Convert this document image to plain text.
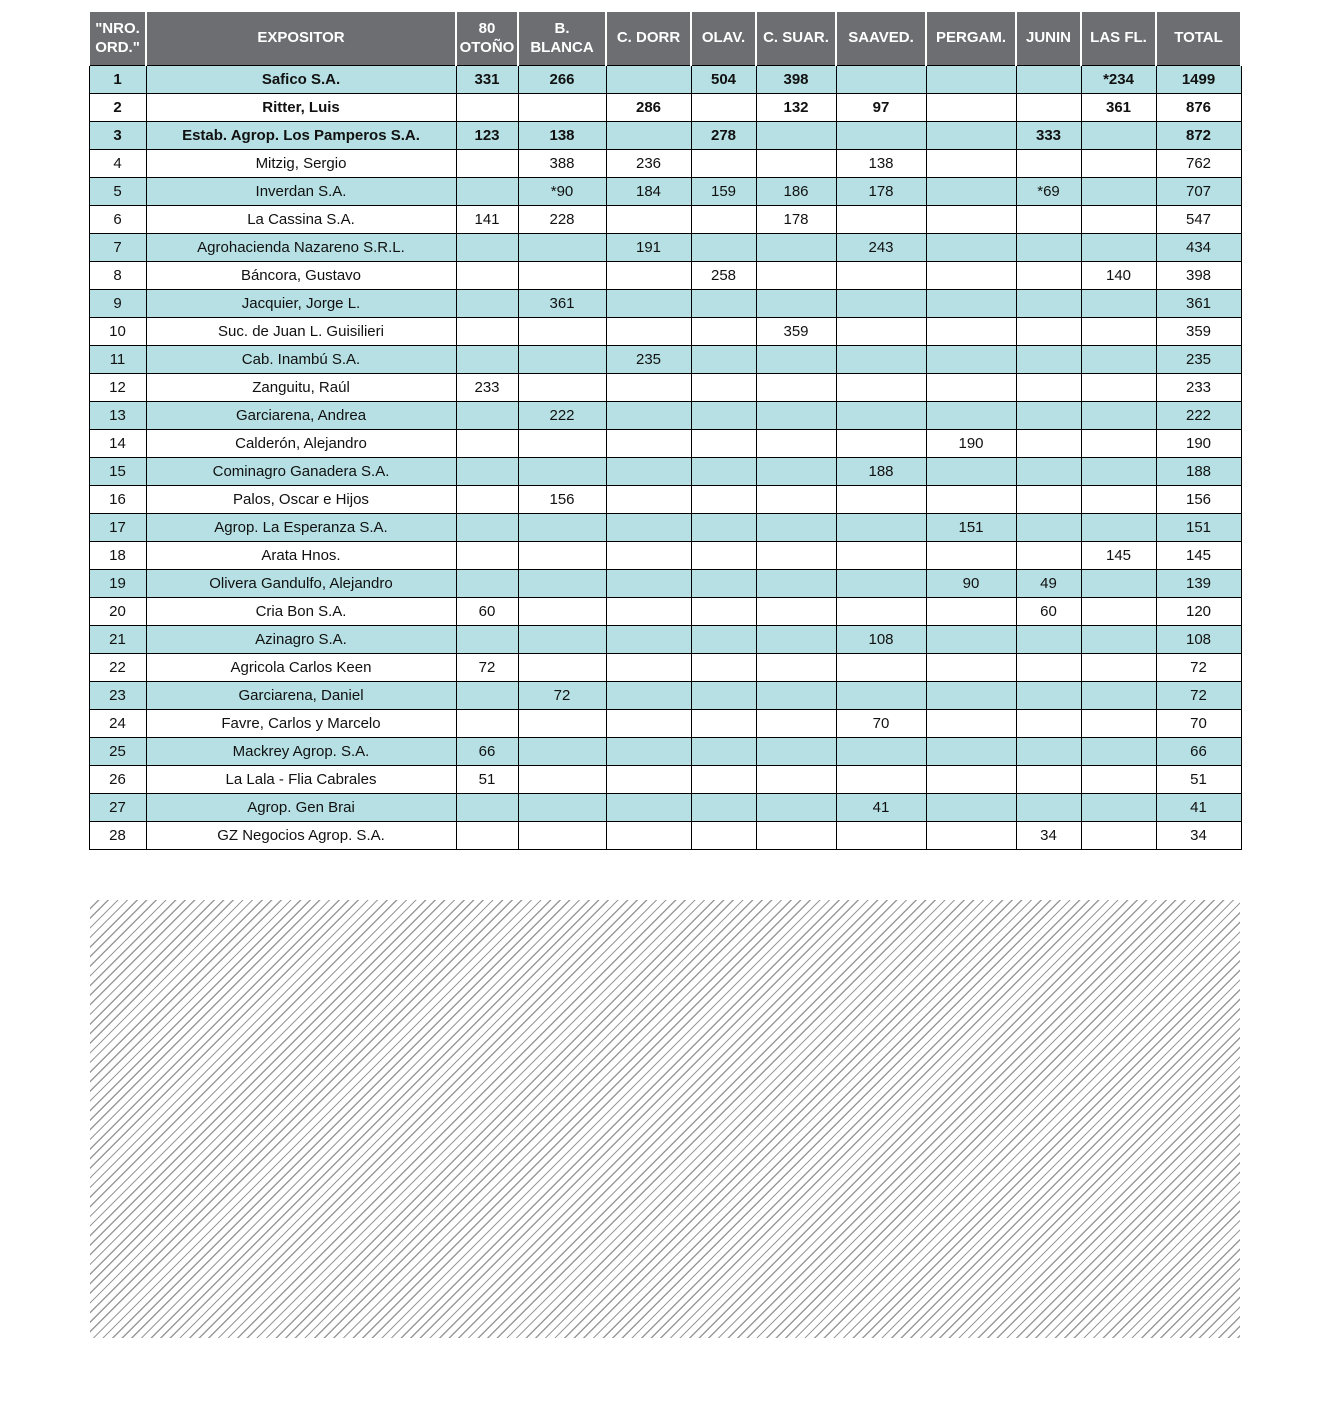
"NRO. ORD."	EXPOSITOR	80 OTOÑO	B. BLANCA	C. DORR	OLAV.	C. SUAR.	SAAVED.	PERGAM.	JUNIN	LAS FL.	TOTAL
1	Safico S.A.	331	266		504	398				*234	1499
2	Ritter, Luis			286		132	97			361	876
3	Estab. Agrop. Los Pamperos S.A.	123	138		278				333		872
4	Mitzig, Sergio		388	236			138				762
5	Inverdan S.A.		*90	184	159	186	178		*69		707
6	La Cassina S.A.	141	228			178					547
7	Agrohacienda Nazareno S.R.L.			191			243				434
8	Báncora, Gustavo				258					140	398
9	Jacquier, Jorge L.		361								361
10	Suc. de Juan L. Guisilieri					359					359
11	Cab. Inambú S.A.			235							235
12	Zanguitu, Raúl	233									233
13	Garciarena, Andrea		222								222
14	Calderón, Alejandro							190			190
15	Cominagro Ganadera S.A.						188				188
16	Palos, Oscar e Hijos		156								156
17	Agrop. La Esperanza S.A.							151			151
18	Arata Hnos.									145	145
19	Olivera Gandulfo, Alejandro							90	49		139
20	Cria Bon S.A.	60							60		120
21	Azinagro S.A.						108				108
22	Agricola Carlos Keen	72									72
23	Garciarena, Daniel		72								72
24	Favre, Carlos y Marcelo						70				70
25	Mackrey Agrop. S.A.	66									66
26	La Lala - Flia Cabrales	51									51
27	Agrop. Gen Brai						41				41
28	GZ Negocios Agrop. S.A.								34		34
